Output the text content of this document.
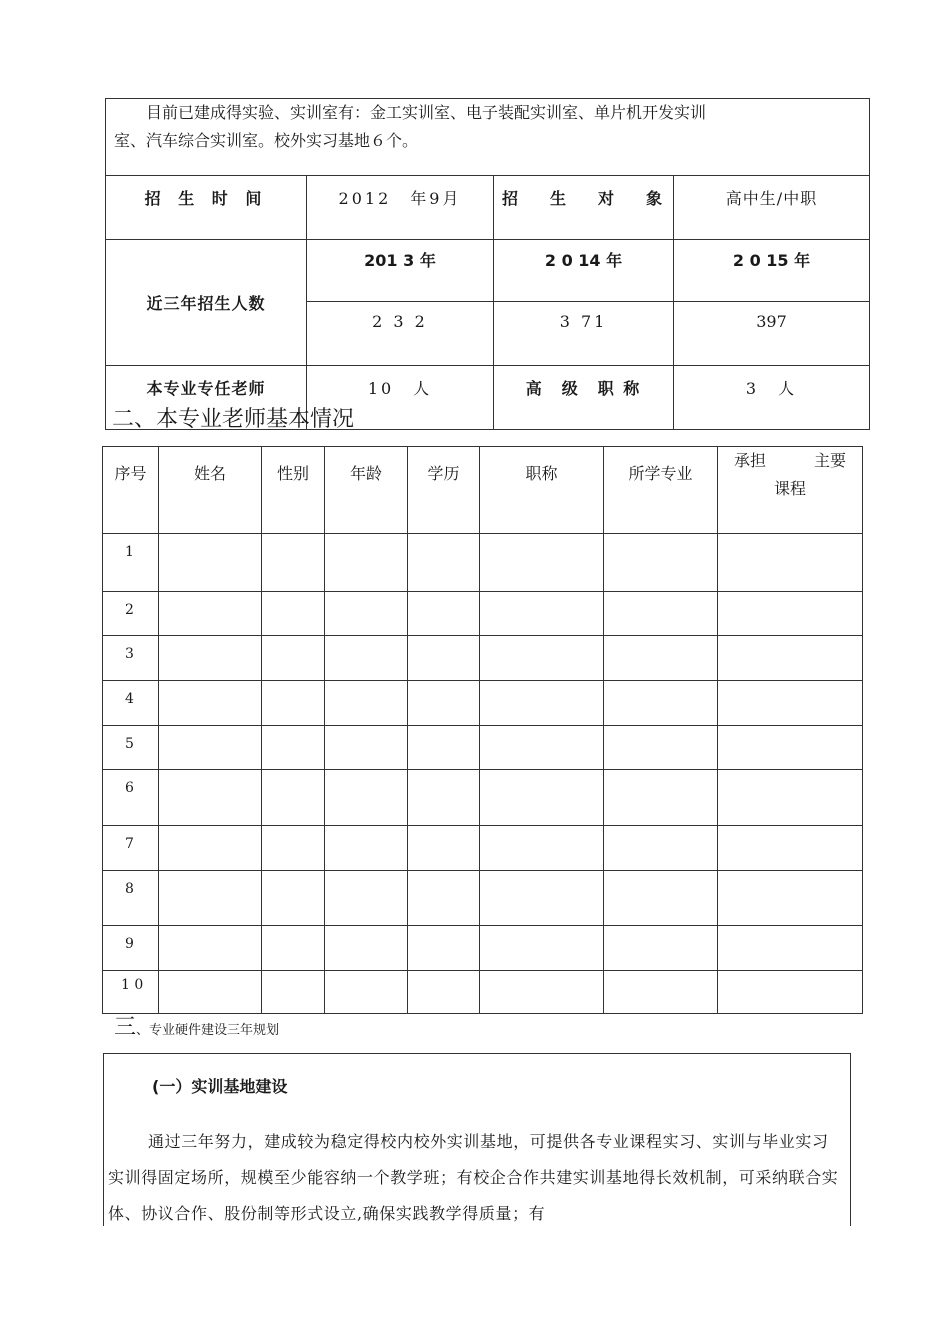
目前已建成得实验、实训室有：金工实训室、电子装配实训室、单片机开发实训
室、汽车综合实训室。校外实习基地６个。			

招 生 时 间	2012　年9月	招　　生　　对　　象	高中生/中职
近三年招生人数	201 3 年	2 0 14 年	2 0 15 年
	2 3 2	3 71	397
本专业专任老师	10　人	高　级　职 称	3　人
二、本专业老师基本情况
序号	姓名	性别	年龄	学历	职称	所学专业	承担　　　主要
课程

1							
2							
3							
4							
5							
6							
7							
8							
9							
1 0							
三、专业硬件建设三年规划
(一）实训基地建设
通过三年努力，建成较为稳定得校内校外实训基地，可提供各专业课程实习、实训与毕业实习实训得固定场所，规模至少能容纳一个教学班；有校企合作共建实训基地得长效机制，可采纳联合实体、协议合作、股份制等形式设立,确保实践教学得质量；有
